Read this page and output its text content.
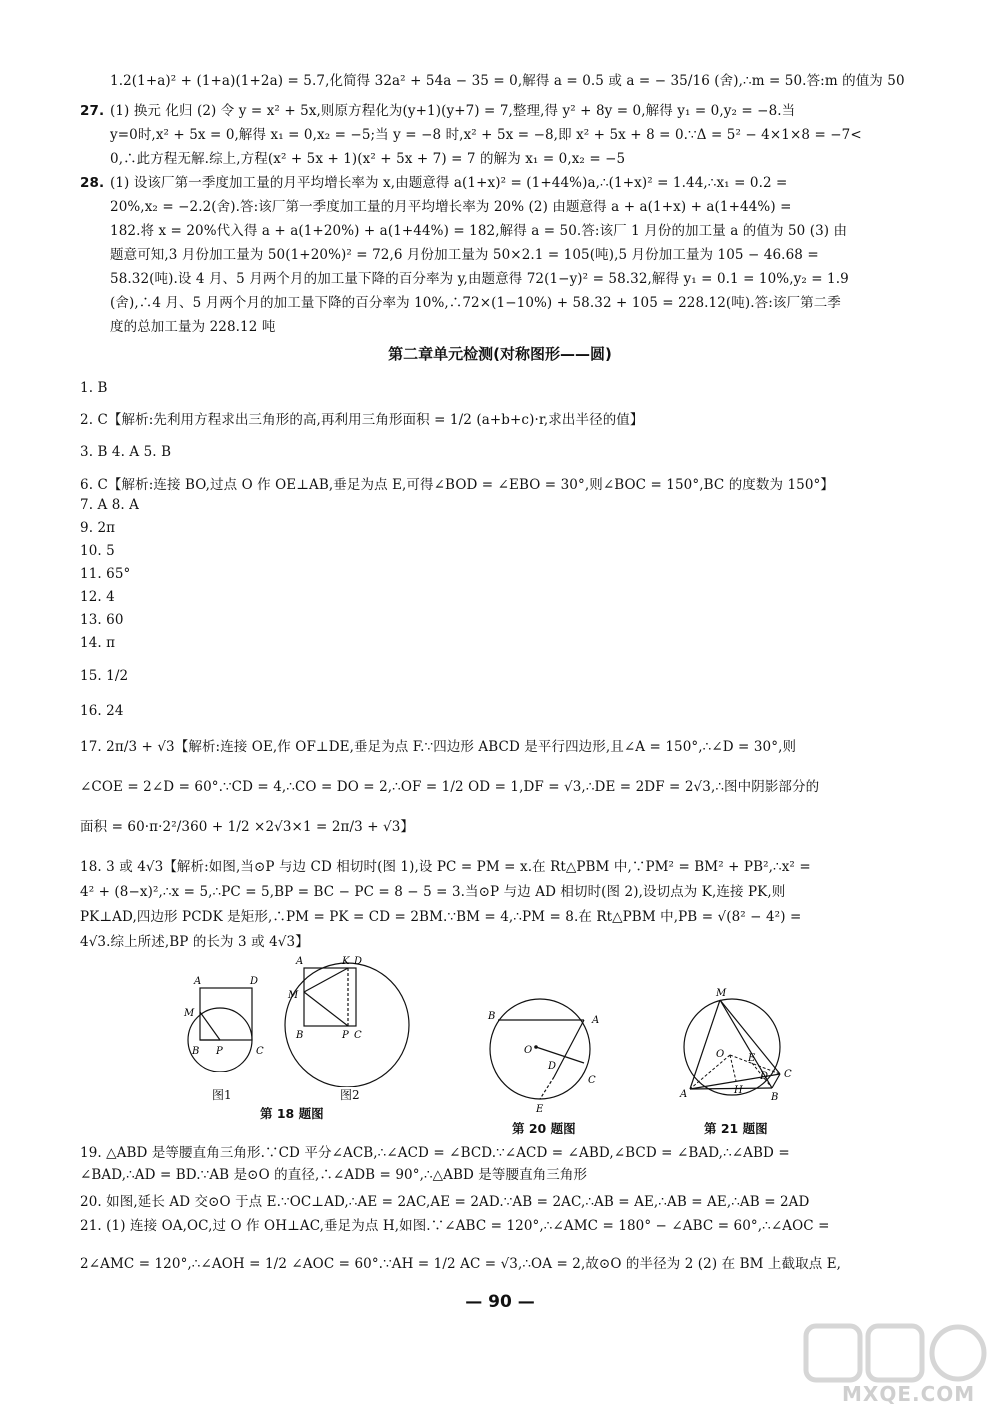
1.2(1+a)² + (1+a)(1+2a) = 5.7,化简得 32a² + 54a − 35 = 0,解得 a = 0.5 或 a = − 35/16 (舍),∴m = 50.答:m 的值为 50
27. (1) 换元 化归 (2) 令 y = x² + 5x,则原方程化为(y+1)(y+7) = 7,整理,得 y² + 8y = 0,解得 y₁ = 0,y₂ = −8.当
y=0时,x² + 5x = 0,解得 x₁ = 0,x₂ = −5;当 y = −8 时,x² + 5x = −8,即 x² + 5x + 8 = 0.∵Δ = 5² − 4×1×8 = −7<
0,∴此方程无解.综上,方程(x² + 5x + 1)(x² + 5x + 7) = 7 的解为 x₁ = 0,x₂ = −5
28. (1) 设该厂第一季度加工量的月平均增长率为 x,由题意得 a(1+x)² = (1+44%)a,∴(1+x)² = 1.44,∴x₁ = 0.2 =
20%,x₂ = −2.2(舍).答:该厂第一季度加工量的月平均增长率为 20% (2) 由题意得 a + a(1+x) + a(1+44%) =
182.将 x = 20%代入得 a + a(1+20%) + a(1+44%) = 182,解得 a = 50.答:该厂 1 月份的加工量 a 的值为 50 (3) 由
题意可知,3 月份加工量为 50(1+20%)² = 72,6 月份加工量为 50×2.1 = 105(吨),5 月份加工量为 105 − 46.68 =
58.32(吨).设 4 月、5 月两个月的加工量下降的百分率为 y,由题意得 72(1−y)² = 58.32,解得 y₁ = 0.1 = 10%,y₂ = 1.9
(舍),∴4 月、5 月两个月的加工量下降的百分率为 10%,∴72×(1−10%) + 58.32 + 105 = 228.12(吨).答:该厂第二季
度的总加工量为 228.12 吨
第二章单元检测(对称图形——圆)
1. B
2. C【解析:先利用方程求出三角形的高,再利用三角形面积 = 1/2 (a+b+c)·r,求出半径的值】
3. B 4. A 5. B
6. C【解析:连接 BO,过点 O 作 OE⊥AB,垂足为点 E,可得∠BOD = ∠EBO = 30°,则∠BOC = 150°,BC 的度数为 150°】
7. A 8. A
9. 2π
10. 5
11. 65°
12. 4
13. 60
14. π
15. 1/2
16. 24
17. 2π/3 + √3【解析:连接 OE,作 OF⊥DE,垂足为点 F.∵四边形 ABCD 是平行四边形,且∠A = 150°,∴∠D = 30°,则
∠COE = 2∠D = 60°.∵CD = 4,∴CO = DO = 2,∴OF = 1/2 OD = 1,DF = √3,∴DE = 2DF = 2√3,∴图中阴影部分的
面积 = 60·π·2²/360 + 1/2 ×2√3×1 = 2π/3 + √3】
18. 3 或 4√3【解析:如图,当⊙P 与边 CD 相切时(图 1),设 PC = PM = x.在 Rt△PBM 中,∵PM² = BM² + PB²,∴x² =
4² + (8−x)²,∴x = 5,∴PC = 5,BP = BC − PC = 8 − 5 = 3.当⊙P 与边 AD 相切时(图 2),设切点为 K,连接 PK,则
PK⊥AD,四边形 PCDK 是矩形,∴PM = PK = CD = 2BM.∵BM = 4,∴PM = 8.在 Rt△PBM 中,PB = √(8² − 4²) =
4√3.综上所述,BP 的长为 3 或 4√3】
A	D
M
B P	C
图1
A	K D
M
B	P C
图2
第 18 题图
B	A
O
D
C
E
第 20 题图
M
O E
D
H
A	B
C
第 21 题图
19. △ABD 是等腰直角三角形.∵CD 平分∠ACB,∴∠ACD = ∠BCD.∵∠ACD = ∠ABD,∠BCD = ∠BAD,∴∠ABD =
∠BAD,∴AD = BD.∵AB 是⊙O 的直径,∴∠ADB = 90°,∴△ABD 是等腰直角三角形
20. 如图,延长 AD 交⊙O 于点 E.∵OC⊥AD,∴AE = 2AC,AE = 2AD.∵AB = 2AC,∴AB = AE,∴AB = AE,∴AB = 2AD
21. (1) 连接 OA,OC,过 O 作 OH⊥AC,垂足为点 H,如图.∵∠ABC = 120°,∴∠AMC = 180° − ∠ABC = 60°,∴∠AOC =
2∠AMC = 120°,∴∠AOH = 1/2 ∠AOC = 60°.∵AH = 1/2 AC = √3,∴OA = 2,故⊙O 的半径为 2 (2) 在 BM 上截取点 E,
— 90 —
MXQE.COM
